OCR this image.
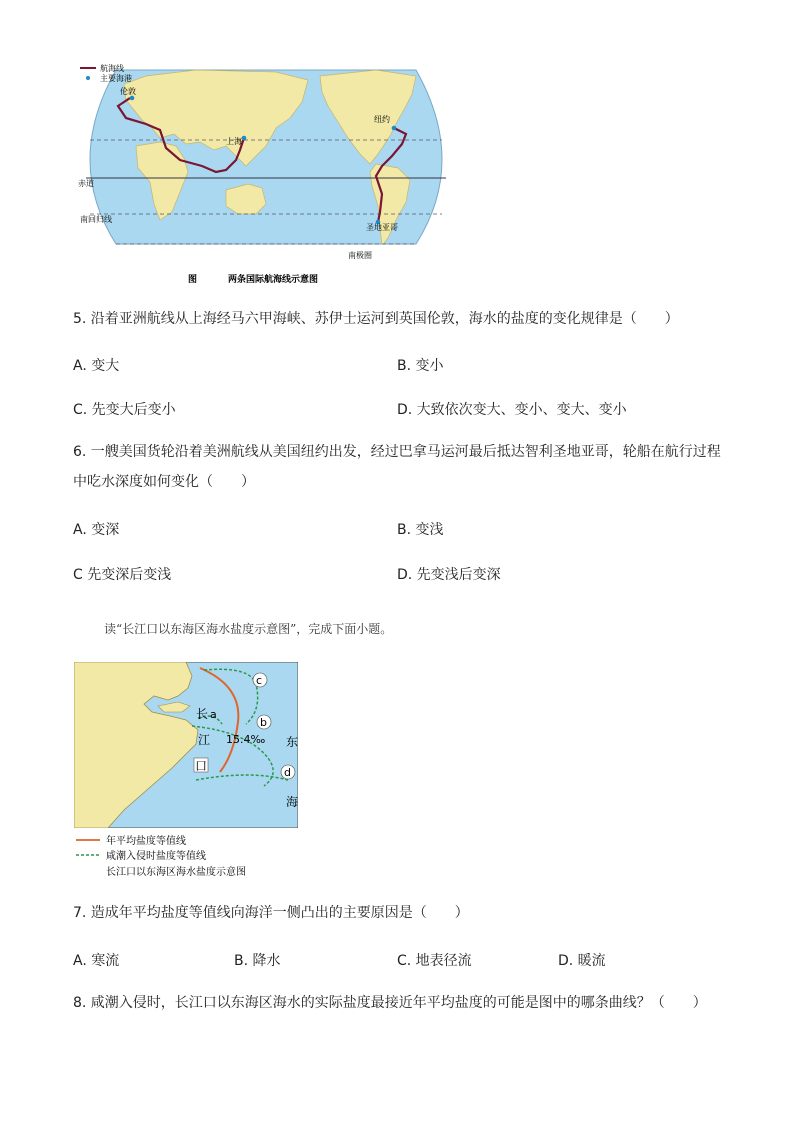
航海线
主要海港
伦敦
上海
纽约
圣地亚哥
赤道
南回归线
南极圈
图	两条国际航海线示意图
5. 沿着亚洲航线从上海经马六甲海峡、苏伊士运河到英国伦敦，海水的盐度的变化规律是（　　）
A. 变大	B. 变小
C. 先变大后变小	D. 大致依次变大、变小、变大、变小
6. 一艘美国货轮沿着美洲航线从美国纽约出发，经过巴拿马运河最后抵达智利圣地亚哥，轮船在航行过程
中吃水深度如何变化（　　）
A. 变深	B. 变浅
C 先变深后变浅	D. 先变浅后变深
读“长江口以东海区海水盐度示意图”，完成下面小题。
c
b
d
a
15.4‰
长
江
口
东
海
年平均盐度等值线
咸潮入侵时盐度等值线
长江口以东海区海水盐度示意图
7. 造成年平均盐度等值线向海洋一侧凸出的主要原因是（　　）
A. 寒流	B. 降水	C. 地表径流	D. 暖流
8. 咸潮入侵时，长江口以东海区海水的实际盐度最接近年平均盐度的可能是图中的哪条曲线？（　　）
